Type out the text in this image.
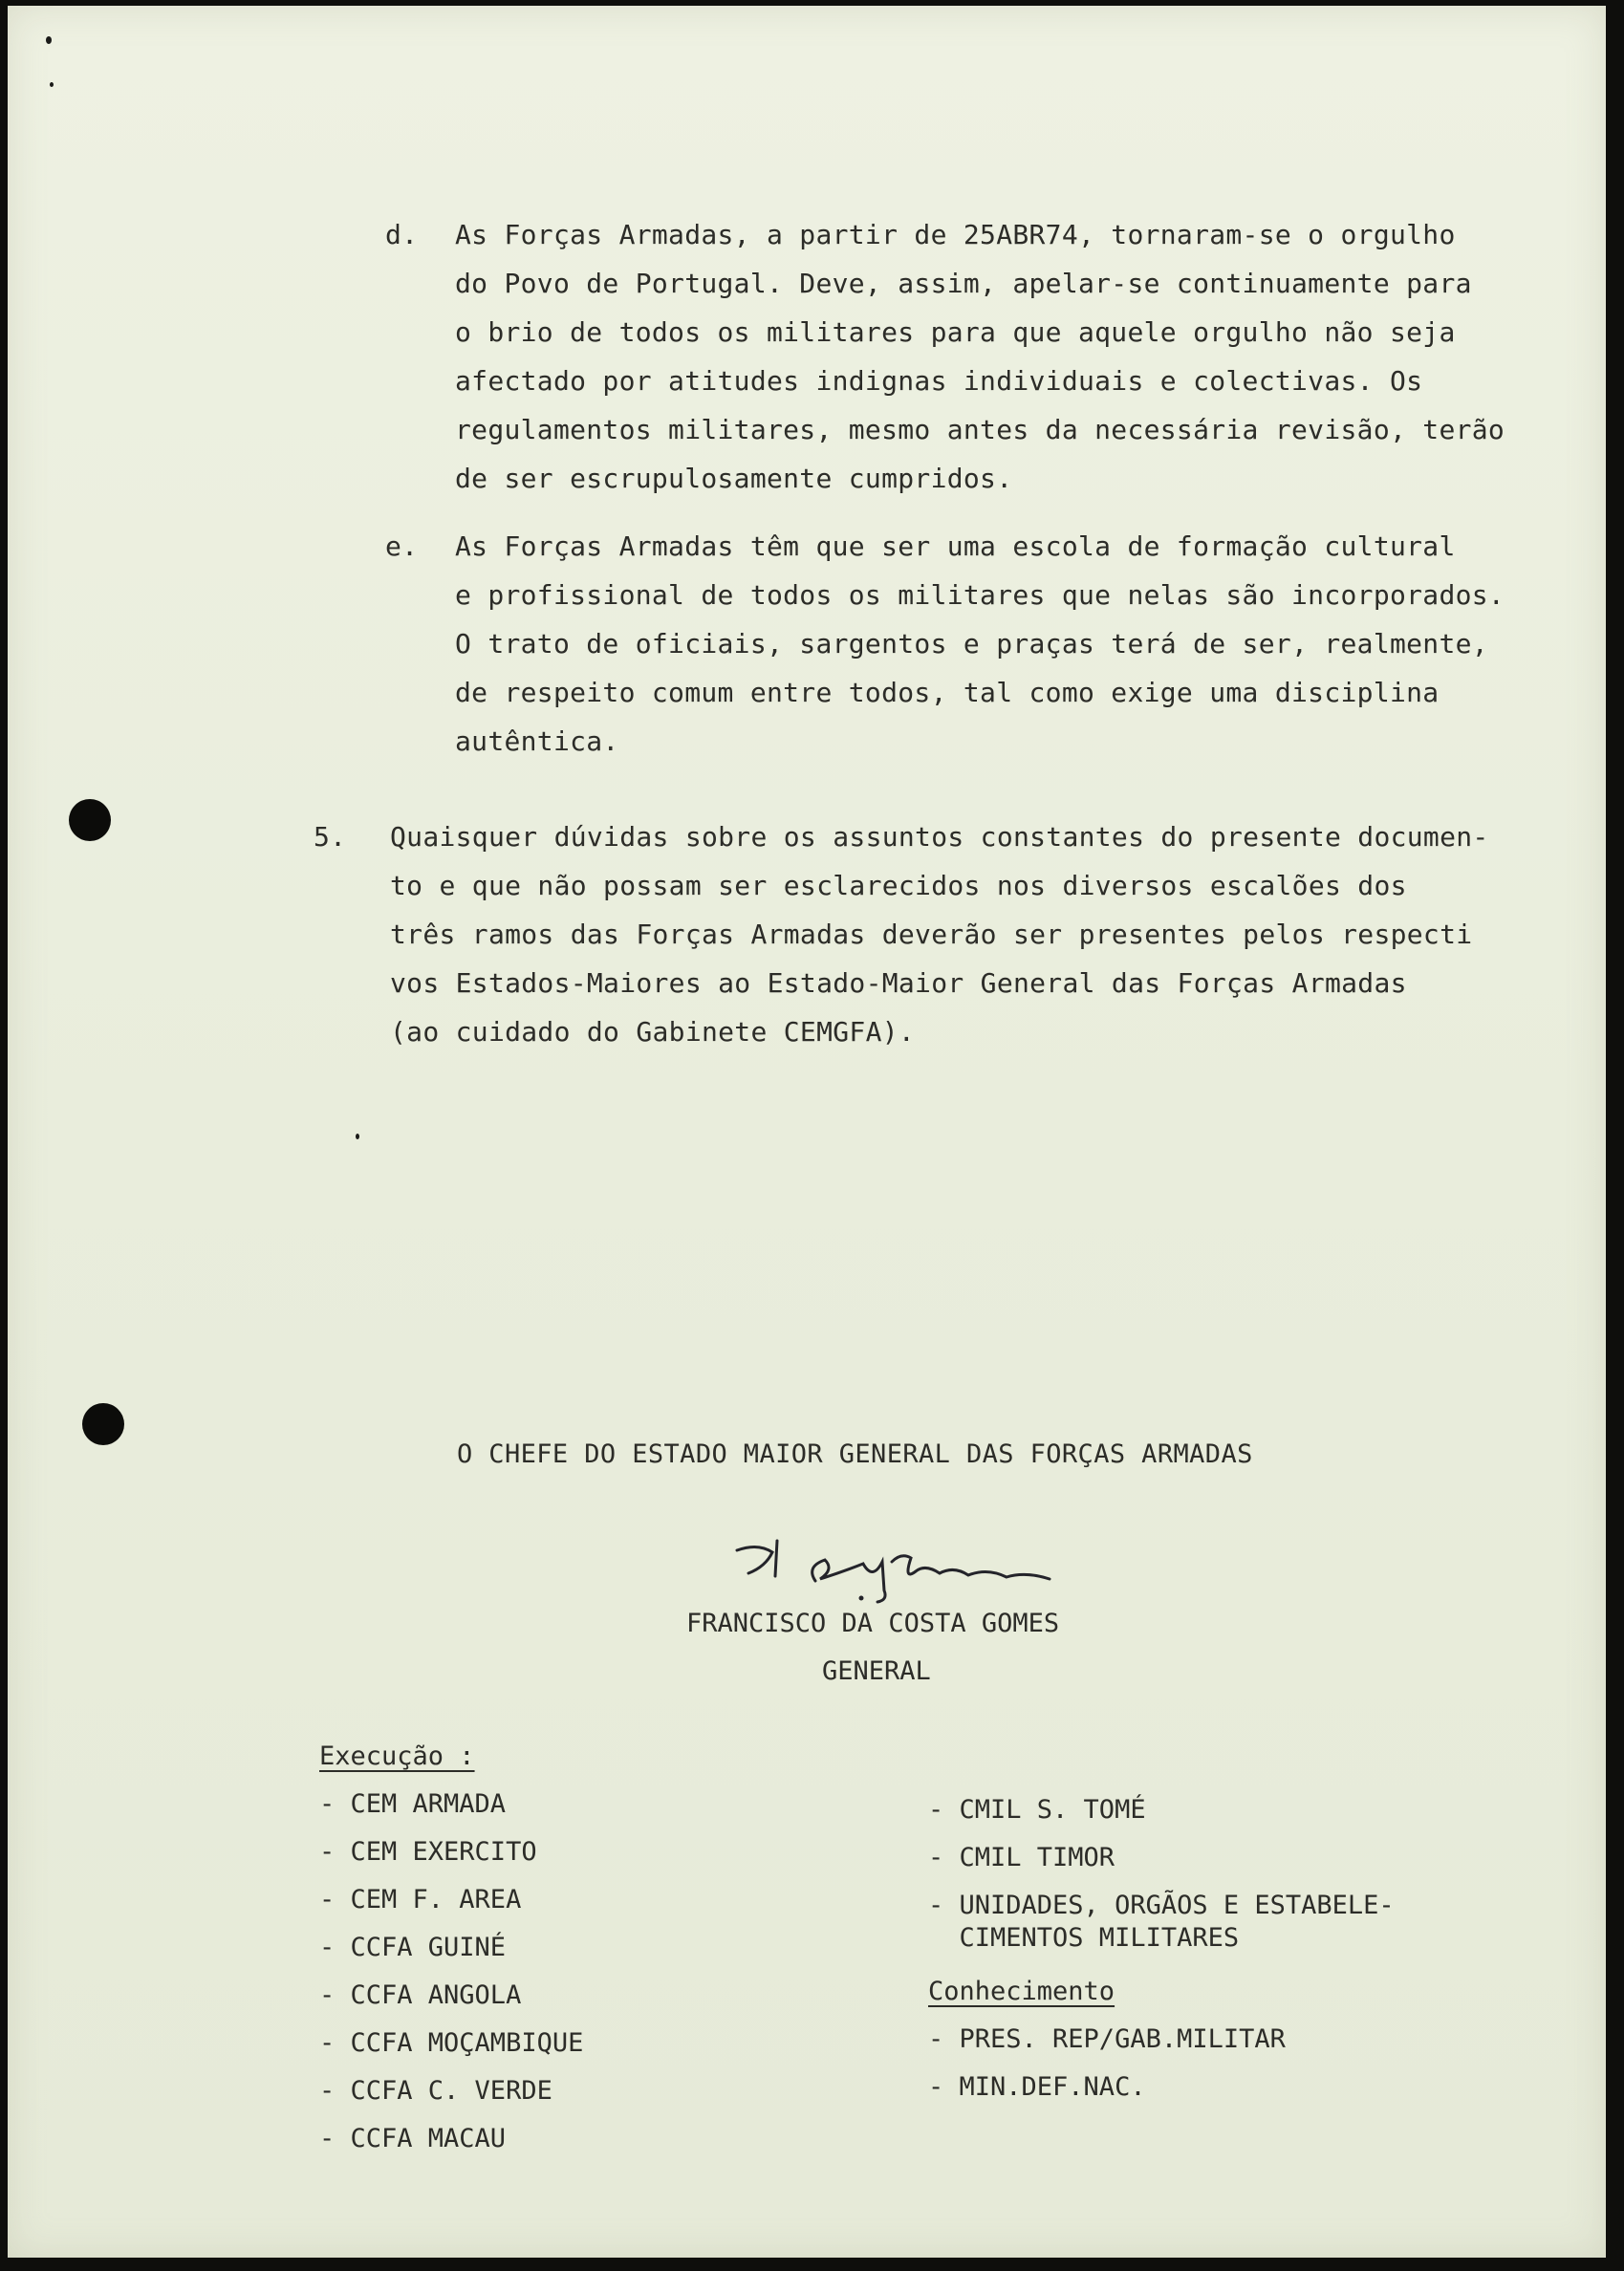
d.	As Forças Armadas, a partir de 25ABR74, tornaram-se o orgulho
do Povo de Portugal. Deve, assim, apelar-se continuamente para
o brio de todos os militares para que aquele orgulho não seja
afectado por atitudes indignas individuais e colectivas. Os
regulamentos militares, mesmo antes da necessária revisão, terão
de ser escrupulosamente cumpridos.
e.	As Forças Armadas têm que ser uma escola de formação cultural
e profissional de todos os militares que nelas são incorporados.
O trato de oficiais, sargentos e praças terá de ser, realmente,
de respeito comum entre todos, tal como exige uma disciplina
autêntica.
5.	Quaisquer dúvidas sobre os assuntos constantes do presente documen-
to e que não possam ser esclarecidos nos diversos escalões dos
três ramos das Forças Armadas deverão ser presentes pelos respecti
vos Estados-Maiores ao Estado-Maior General das Forças Armadas
(ao cuidado do Gabinete CEMGFA).
O CHEFE DO ESTADO MAIOR GENERAL DAS FORÇAS ARMADAS
FRANCISCO DA COSTA GOMES
GENERAL
Execução :
- CEM ARMADA
- CEM EXERCITO
- CEM F. AREA
- CCFA GUINÉ
- CCFA ANGOLA
- CCFA MOÇAMBIQUE
- CCFA C. VERDE
- CCFA MACAU
- CMIL S. TOMÉ
- CMIL TIMOR
- UNIDADES, ORGÃOS E ESTABELE-
CIMENTOS MILITARES
Conhecimento
- PRES. REP/GAB.MILITAR
- MIN.DEF.NAC.
